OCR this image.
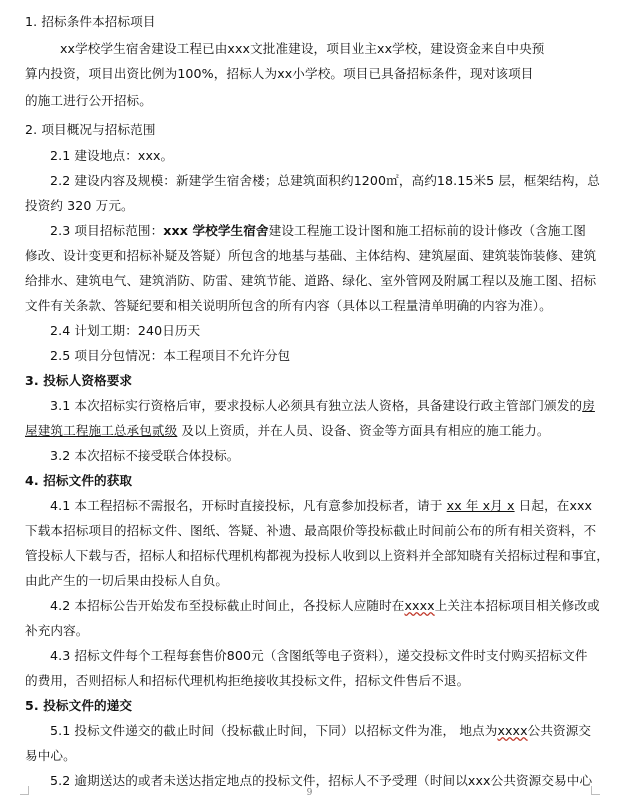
1. 招标条件本招标项目
xx学校学生宿舍建设工程已由xxx文批准建设，项目业主xx学校，建设资金来自中央预
算内投资，项目出资比例为100%，招标人为xx小学校。项目已具备招标条件，现对该项目
的施工进行公开招标。
2. 项目概况与招标范围
2.1 建设地点：xxx。
2.2 建设内容及规模：新建学生宿舍楼；总建筑面积约1200㎡，高约18.15米5 层，框架结构，总
投资约 320 万元。
2.3 项目招标范围：xxx 学校学生宿舍建设工程施工设计图和施工招标前的设计修改（含施工图
修改、设计变更和招标补疑及答疑）所包含的地基与基础、主体结构、建筑屋面、建筑装饰装修、建筑
给排水、建筑电气、建筑消防、防雷、建筑节能、道路、绿化、室外管网及附属工程以及施工图、招标
文件有关条款、答疑纪要和相关说明所包含的所有内容（具体以工程量清单明确的内容为准）。
2.4 计划工期：240日历天
2.5 项目分包情况：本工程项目不允许分包
3. 投标人资格要求
3.1 本次招标实行资格后审，要求投标人必须具有独立法人资格，具备建设行政主管部门颁发的房
屋建筑工程施工总承包贰级 及以上资质，并在人员、设备、资金等方面具有相应的施工能力。
3.2 本次招标不接受联合体投标。
4. 招标文件的获取
4.1 本工程招标不需报名，开标时直接投标，凡有意参加投标者，请于 xx 年 x月 x 日起，在xxx
下载本招标项目的招标文件、图纸、答疑、补遗、最高限价等投标截止时间前公布的所有相关资料，不
管投标人下载与否，招标人和招标代理机构都视为投标人收到以上资料并全部知晓有关招标过程和事宜，
由此产生的一切后果由投标人自负。
4.2 本招标公告开始发布至投标截止时间止，各投标人应随时在xxxx上关注本招标项目相关修改或
补充内容。
4.3 招标文件每个工程每套售价800元（含图纸等电子资料），递交投标文件时支付购买招标文件
的费用，否则招标人和招标代理机构拒绝接收其投标文件，招标文件售后不退。
5. 投标文件的递交
5.1 投标文件递交的截止时间（投标截止时间，下同）以招标文件为准， 地点为xxxx公共资源交
易中心。
5.2 逾期送达的或者未送达指定地点的投标文件，招标人不予受理（时间以xxx公共资源交易中心
9
